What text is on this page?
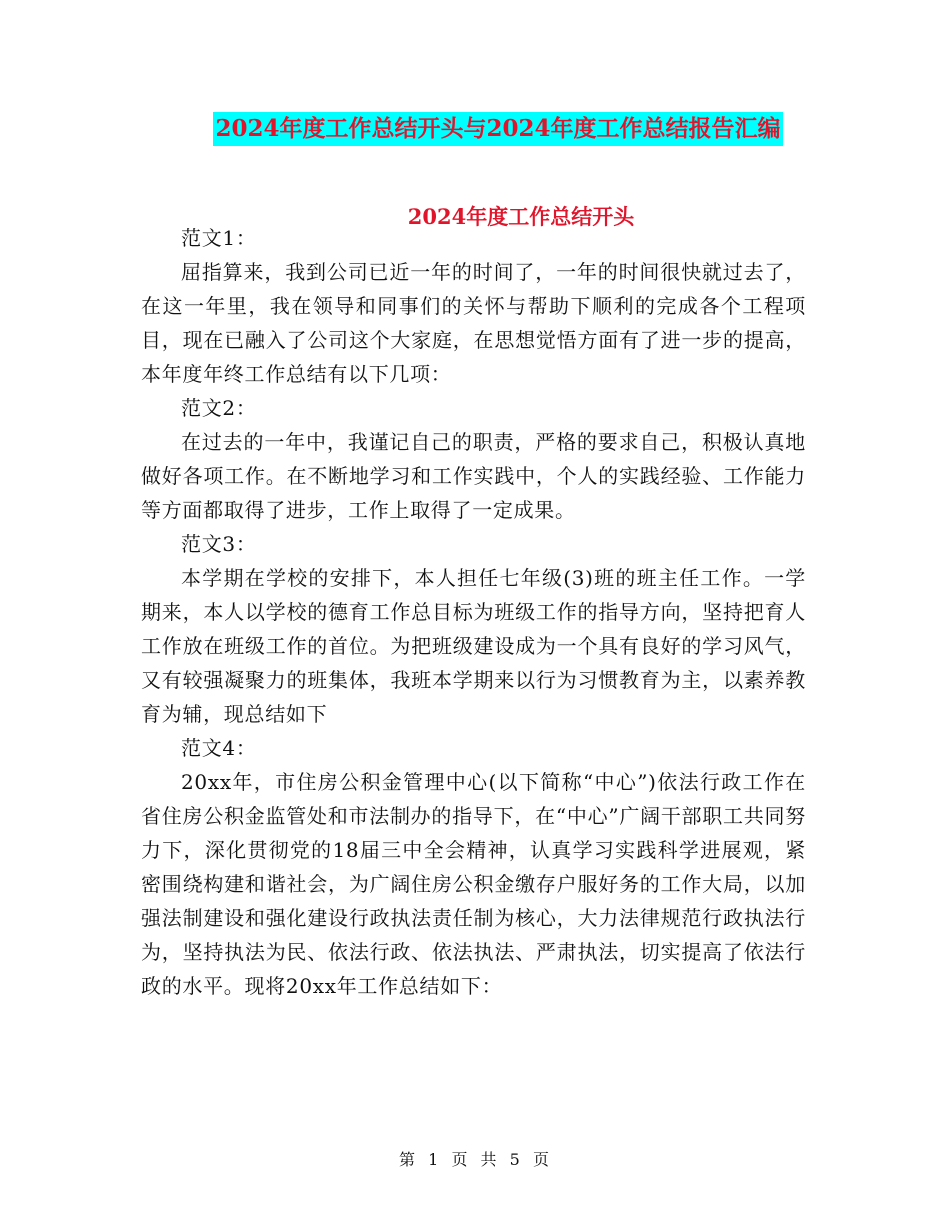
2024年度工作总结开头与2024年度工作总结报告汇编
2024年度工作总结开头

范文1：

屈指算来，我到公司已近一年的时间了，一年的时间很快就过去了，在这一年里，我在领导和同事们的关怀与帮助下顺利的完成各个工程项目，现在已融入了公司这个大家庭，在思想觉悟方面有了进一步的提高，本年度年终工作总结有以下几项：

范文2：

在过去的一年中，我谨记自己的职责，严格的要求自己，积极认真地做好各项工作。在不断地学习和工作实践中，个人的实践经验、工作能力等方面都取得了进步，工作上取得了一定成果。

范文3：

本学期在学校的安排下，本人担任七年级(3)班的班主任工作。一学期来，本人以学校的德育工作总目标为班级工作的指导方向，坚持把育人工作放在班级工作的首位。为把班级建设成为一个具有良好的学习风气，又有较强凝聚力的班集体，我班本学期来以行为习惯教育为主，以素养教育为辅，现总结如下

范文4：

20xx年，市住房公积金管理中心(以下简称“中心”)依法行政工作在省住房公积金监管处和市法制办的指导下，在“中心”广阔干部职工共同努力下，深化贯彻党的18届三中全会精神，认真学习实践科学进展观，紧密围绕构建和谐社会，为广阔住房公积金缴存户服好务的工作大局，以加强法制建设和强化建设行政执法责任制为核心，大力法律规范行政执法行为，坚持执法为民、依法行政、依法执法、严肃执法，切实提高了依法行政的水平。现将20xx年工作总结如下：

第 1 页 共 5 页
